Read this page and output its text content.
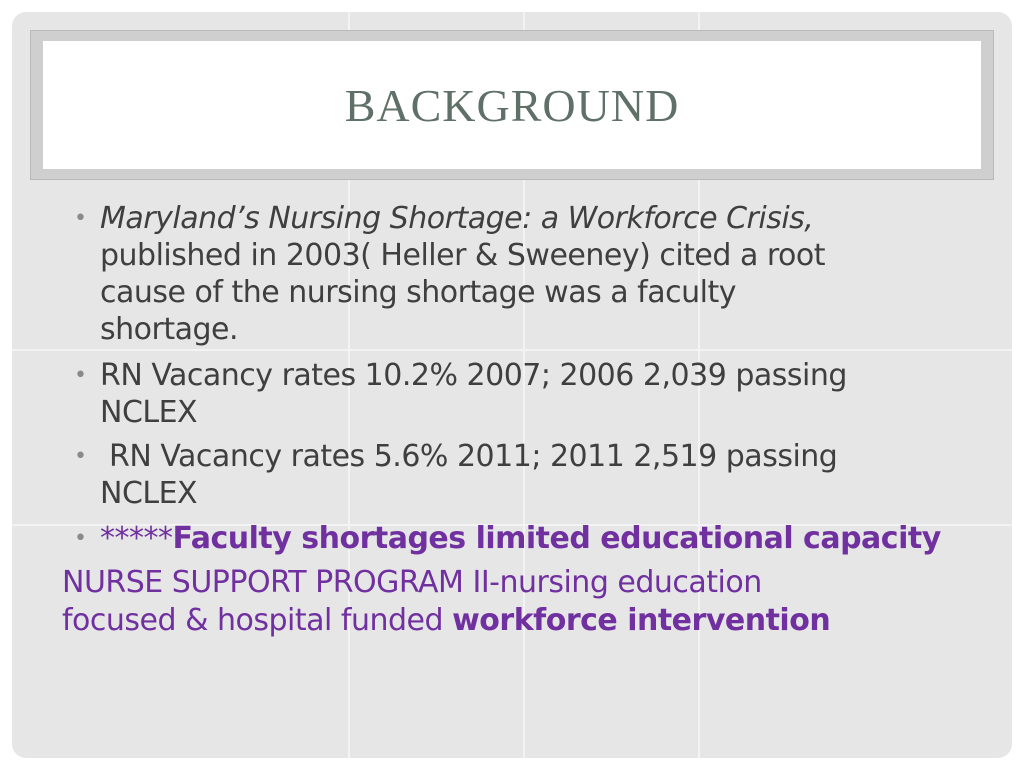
BACKGROUND
• Maryland’s Nursing Shortage: a Workforce Crisis,
published in 2003( Heller & Sweeney) cited a root
cause of the nursing shortage was a faculty
shortage.
• RN Vacancy rates 10.2% 2007; 2006 2,039 passing
NCLEX
• RN Vacancy rates 5.6% 2011; 2011 2,519 passing
NCLEX
• *****Faculty shortages limited educational capacity
NURSE SUPPORT PROGRAM II-nursing education
focused & hospital funded workforce intervention
